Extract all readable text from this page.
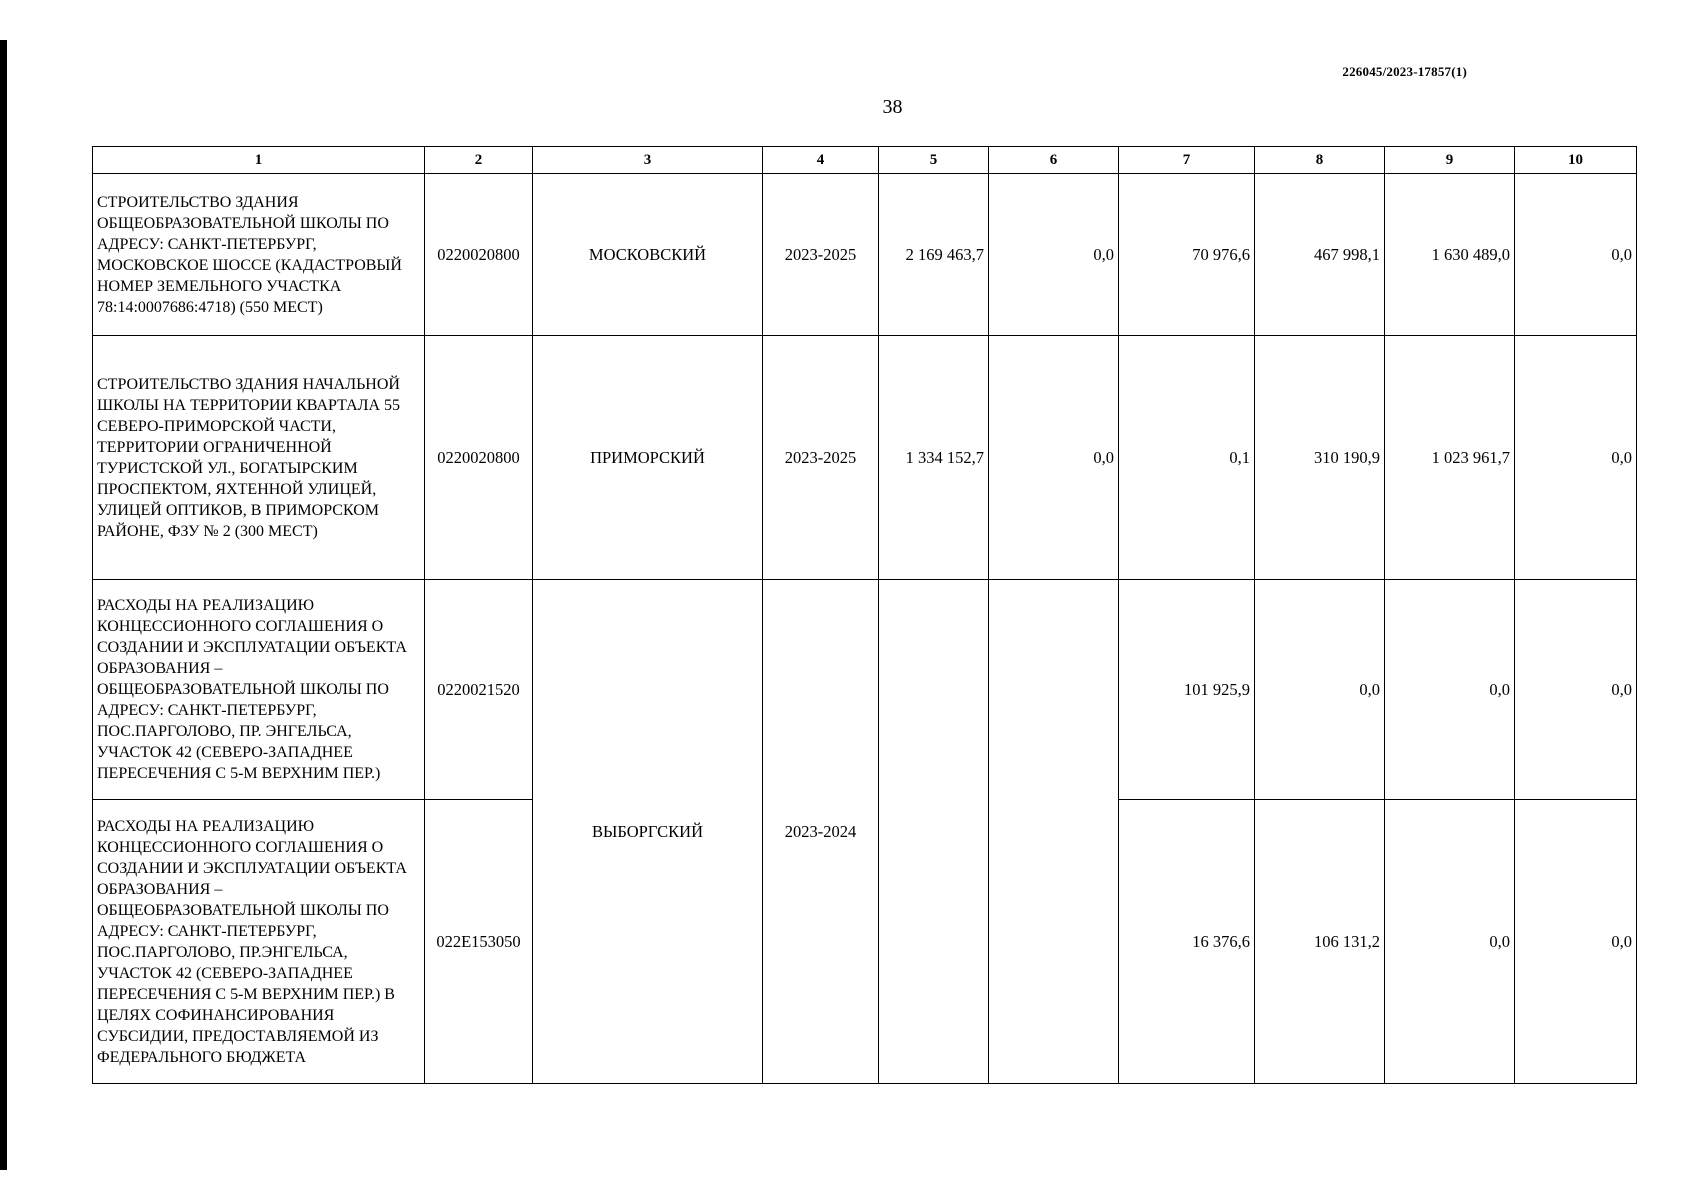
226045/2023-17857(1)
38
1	2	3	4	5	6	7	8	9	10
СТРОИТЕЛЬСТВО ЗДАНИЯ ОБЩЕОБРАЗОВАТЕЛЬНОЙ ШКОЛЫ ПО АДРЕСУ: САНКТ-ПЕТЕРБУРГ, МОСКОВСКОЕ ШОССЕ (КАДАСТРОВЫЙ НОМЕР ЗЕМЕЛЬНОГО УЧАСТКА 78:14:0007686:4718) (550 МЕСТ)	0220020800	МОСКОВСКИЙ	2023-2025	2 169 463,7	0,0	70 976,6	467 998,1	1 630 489,0	0,0
СТРОИТЕЛЬСТВО ЗДАНИЯ НАЧАЛЬНОЙ ШКОЛЫ НА ТЕРРИТОРИИ КВАРТАЛА 55 СЕВЕРО-ПРИМОРСКОЙ ЧАСТИ, ТЕРРИТОРИИ ОГРАНИЧЕННОЙ ТУРИСТСКОЙ УЛ., БОГАТЫРСКИМ ПРОСПЕКТОМ, ЯХТЕННОЙ УЛИЦЕЙ, УЛИЦЕЙ ОПТИКОВ, В ПРИМОРСКОМ РАЙОНЕ, ФЗУ № 2 (300 МЕСТ)	0220020800	ПРИМОРСКИЙ	2023-2025	1 334 152,7	0,0	0,1	310 190,9	1 023 961,7	0,0
РАСХОДЫ НА РЕАЛИЗАЦИЮ КОНЦЕССИОННОГО СОГЛАШЕНИЯ О СОЗДАНИИ И ЭКСПЛУАТАЦИИ ОБЪЕКТА ОБРАЗОВАНИЯ – ОБЩЕОБРАЗОВАТЕЛЬНОЙ ШКОЛЫ ПО АДРЕСУ: САНКТ-ПЕТЕРБУРГ, ПОС.ПАРГОЛОВО, ПР. ЭНГЕЛЬСА, УЧАСТОК 42 (СЕВЕРО-ЗАПАДНЕЕ ПЕРЕСЕЧЕНИЯ С 5-М ВЕРХНИМ ПЕР.)	0220021520	ВЫБОРГСКИЙ	2023-2024			101 925,9	0,0	0,0	0,0
РАСХОДЫ НА РЕАЛИЗАЦИЮ КОНЦЕССИОННОГО СОГЛАШЕНИЯ О СОЗДАНИИ И ЭКСПЛУАТАЦИИ ОБЪЕКТА ОБРАЗОВАНИЯ – ОБЩЕОБРАЗОВАТЕЛЬНОЙ ШКОЛЫ ПО АДРЕСУ: САНКТ-ПЕТЕРБУРГ, ПОС.ПАРГОЛОВО, ПР.ЭНГЕЛЬСА, УЧАСТОК 42 (СЕВЕРО-ЗАПАДНЕЕ ПЕРЕСЕЧЕНИЯ С 5-М ВЕРХНИМ ПЕР.) В ЦЕЛЯХ СОФИНАНСИРОВАНИЯ СУБСИДИИ, ПРЕДОСТАВЛЯЕМОЙ ИЗ ФЕДЕРАЛЬНОГО БЮДЖЕТА	022E153050					16 376,6	106 131,2	0,0	0,0
